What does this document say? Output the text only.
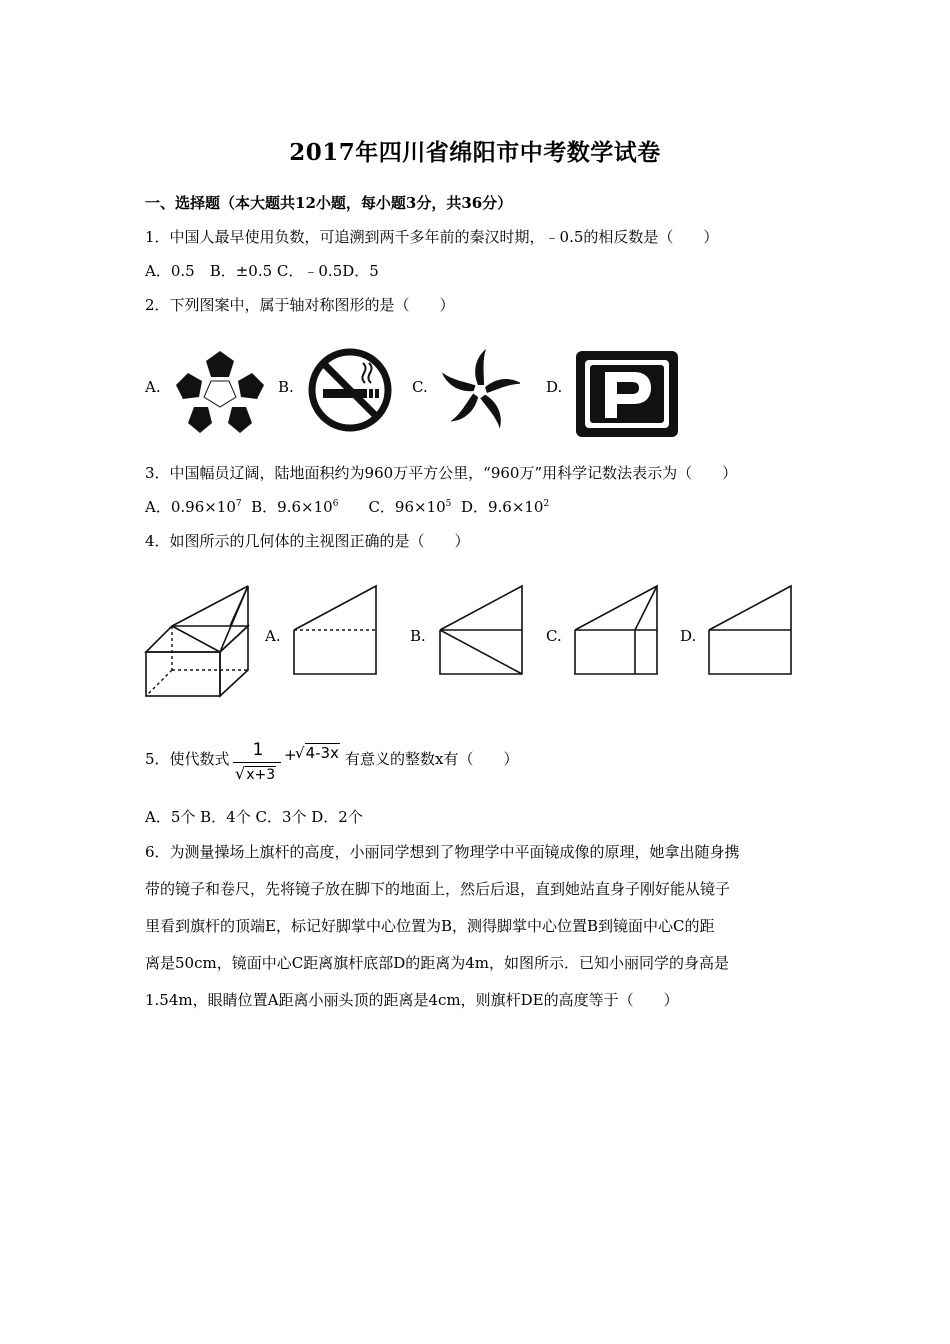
2017年四川省绵阳市中考数学试卷
一、选择题（本大题共12小题，每小题3分，共36分）
1．中国人最早使用负数，可追溯到两千多年前的秦汉时期，﹣0.5的相反数是（　　）
A．0.5　B．±0.5 C．﹣0.5D．5
2．下列图案中，属于轴对称图形的是（　　）
A.	B.	C.	D.
3．中国幅员辽阔，陆地面积约为960万平方公里，“960万”用科学记数法表示为（　　）
A．$0.96\times 10^7$  B．$9.6\times 10^6$　　C．$96\times 10^5$  D．$9.6\times 10^2$
4．如图所示的几何体的主视图正确的是（　　）
A.	B.	C.	D.
5．使代数式	1
√x+3
+
√4-3x 有意义的整数x有（　　）
A．5个 B．4个 C．3个 D．2个
6．为测量操场上旗杆的高度，小丽同学想到了物理学中平面镜成像的原理，她拿出随身携
带的镜子和卷尺，先将镜子放在脚下的地面上，然后后退，直到她站直身子刚好能从镜子
里看到旗杆的顶端E，标记好脚掌中心位置为B，测得脚掌中心位置B到镜面中心C的距
离是50cm，镜面中心C距离旗杆底部D的距离为4m，如图所示．已知小丽同学的身高是
1.54m，眼睛位置A距离小丽头顶的距离是4cm，则旗杆DE的高度等于（　　）
